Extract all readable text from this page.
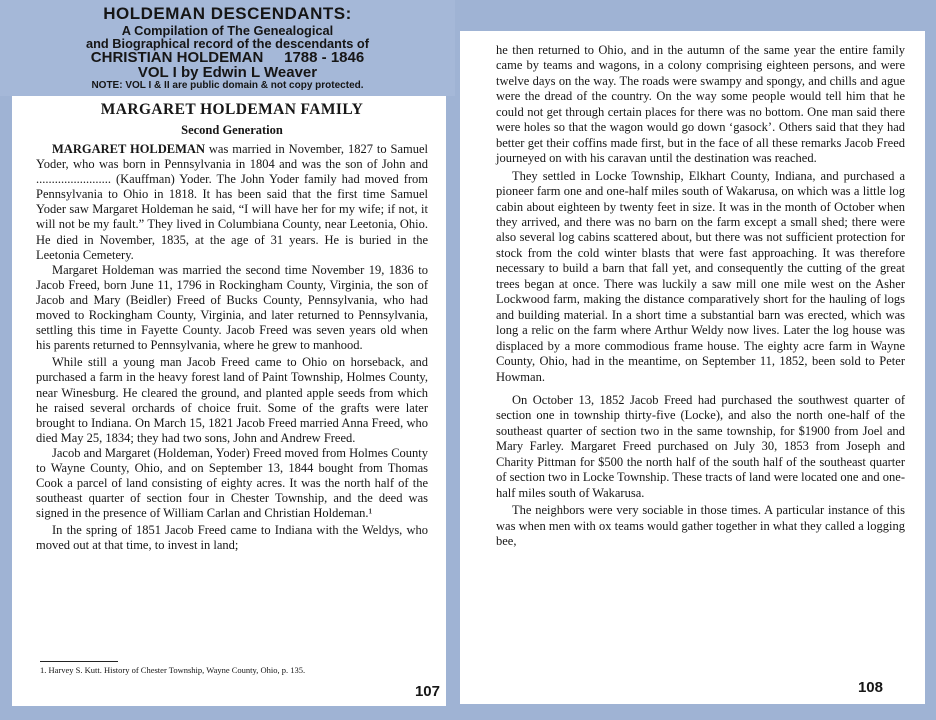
HOLDEMAN DESCENDANTS:
A Compilation of The Genealogical
and Biographical record of the descendants of
CHRISTIAN HOLDEMAN     1788 - 1846
VOL I by Edwin L Weaver
NOTE: VOL I & II are public domain & not copy protected.
MARGARET HOLDEMAN FAMILY
Second Generation

MARGARET HOLDEMAN was married in November, 1827 to Samuel Yoder, who was born in Pennsylvania in 1804 and was the son of John and ........................ (Kauffman) Yoder. The John Yoder family had moved from Pennsylvania to Ohio in 1818. It has been said that the first time Samuel Yoder saw Margaret Holdeman he said, “I will have her for my wife; if not, it will not be my fault.” They lived in Columbiana County, near Leetonia, Ohio. He died in November, 1835, at the age of 31 years. He is buried in the Leetonia Cemetery.

Margaret Holdeman was married the second time November 19, 1836 to Jacob Freed, born June 11, 1796 in Rockingham County, Virginia, the son of Jacob and Mary (Beidler) Freed of Bucks County, Pennsylvania, who had moved to Rockingham County, Virginia, and later returned to Pennsylvania, settling this time in Fayette County. Jacob Freed was seven years old when his parents returned to Pennsylvania, where he grew to manhood.

While still a young man Jacob Freed came to Ohio on horseback, and purchased a farm in the heavy forest land of Paint Township, Holmes County, near Winesburg. He cleared the ground, and planted apple seeds from which he raised several orchards of choice fruit. Some of the grafts were later brought to Indiana. On March 15, 1821 Jacob Freed married Anna Freed, who died May 25, 1834; they had two sons, John and Andrew Freed.

Jacob and Margaret (Holdeman, Yoder) Freed moved from Holmes County to Wayne County, Ohio, and on September 13, 1844 bought from Thomas Cook a parcel of land consisting of eighty acres. It was the north half of the southeast quarter of section four in Chester Township, and the deed was signed in the presence of William Carlan and Christian Holdeman.¹

In the spring of 1851 Jacob Freed came to Indiana with the Weldys, who moved out at that time, to invest in land;

1. Harvey S. Kutt. History of Chester Township, Wayne County, Ohio, p. 135.
107

he then returned to Ohio, and in the autumn of the same year the entire family came by teams and wagons, in a colony comprising eighteen persons, and were twelve days on the way. The roads were swampy and spongy, and chills and ague were the dread of the country. On the way some people would tell him that he could not get through certain places for there was no bottom. One man said there were holes so that the wagon would go down ‘gasock’. Others said that they had better get their coffins made first, but in the face of all these remarks Jacob Freed journeyed on with his caravan until the destination was reached.

They settled in Locke Township, Elkhart County, Indiana, and purchased a pioneer farm one and one-half miles south of Wakarusa, on which was a little log cabin about eighteen by twenty feet in size. It was in the month of October when they arrived, and there was no barn on the farm except a small shed; there were also several log cabins scattered about, but there was not sufficient protection for stock from the cold winter blasts that were fast approaching. It was therefore necessary to build a barn that fall yet, and consequently the cutting of the great trees began at once. There was luckily a saw mill one mile west on the Asher Lockwood farm, making the distance comparatively short for the hauling of logs and building material. In a short time a substantial barn was erected, which was long a relic on the farm where Arthur Weldy now lives. Later the log house was displaced by a more commodious frame house. The eighty acre farm in Wayne County, Ohio, had in the meantime, on September 11, 1852, been sold to Peter Howman.

On October 13, 1852 Jacob Freed had purchased the southwest quarter of section one in township thirty-five (Locke), and also the north one-half of the southeast quarter of section two in the same township, for $1900 from Joel and Mary Farley. Margaret Freed purchased on July 30, 1853 from Joseph and Charity Pittman for $500 the north half of the south half of the southeast quarter of section two in Locke Township. These tracts of land were located one and one-half miles south of Wakarusa.

The neighbors were very sociable in those times. A particular instance of this was when men with ox teams would gather together in what they called a logging bee,

108
